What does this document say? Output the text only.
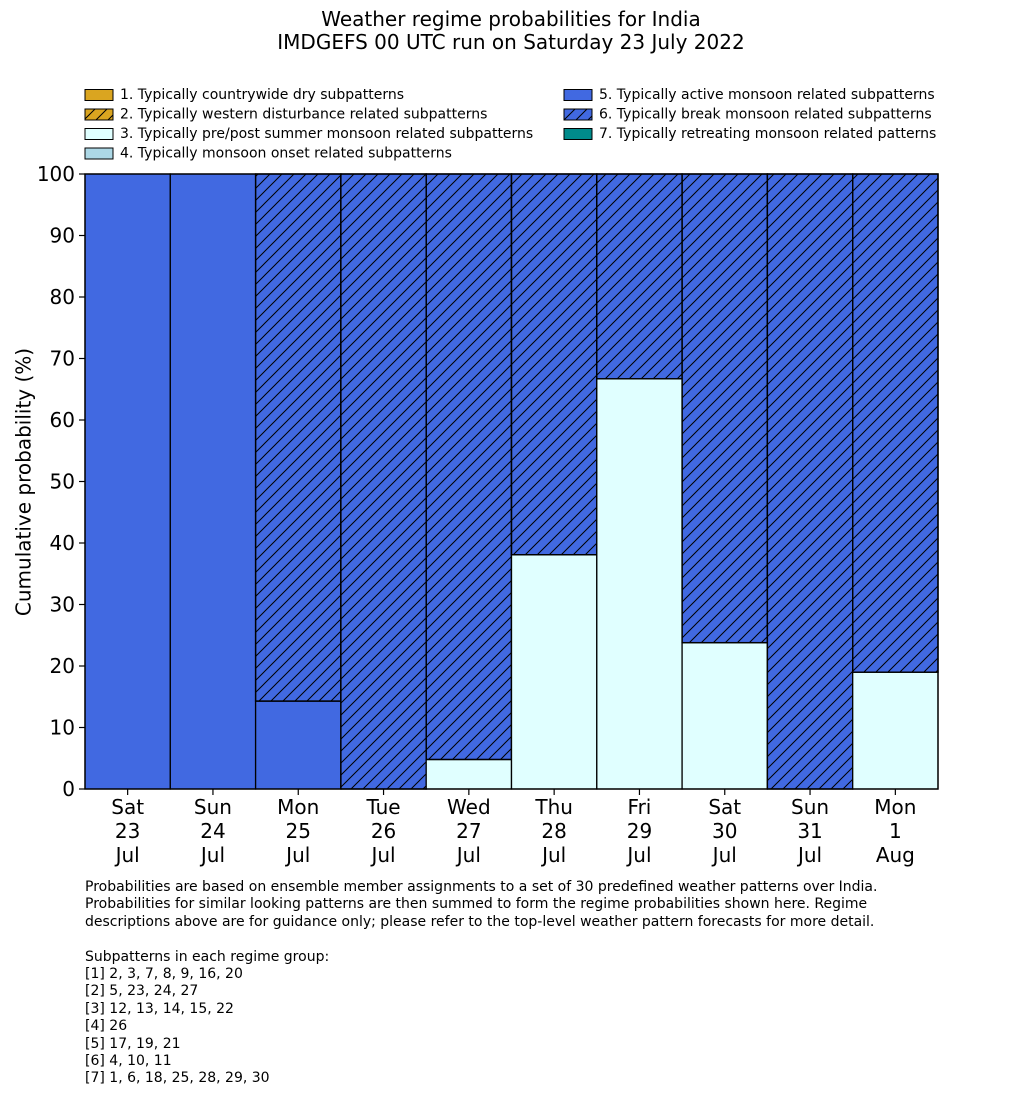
Weather regime probabilities for India
IMDGEFS 00 UTC run on Saturday 23 July 2022
1. Typically countrywide dry subpatterns
2. Typically western disturbance related subpatterns
3. Typically pre/post summer monsoon related subpatterns
4. Typically monsoon onset related subpatterns
5. Typically active monsoon related subpatterns
6. Typically break monsoon related subpatterns
7. Typically retreating monsoon related patterns
0
10
20
30
40
50
60
70
80
90
100
Sat
23
Jul
Sun
24
Jul
Mon
25
Jul
Tue
26
Jul
Wed
27
Jul
Thu
28
Jul
Fri
29
Jul
Sat
30
Jul
Sun
31
Jul
Mon
1
Aug
Cumulative probability (%)

Probabilities are based on ensemble member assignments to a set of 30 predefined weather patterns over India.

Probabilities for similar looking patterns are then summed to form the regime probabilities shown here. Regime

descriptions above are for guidance only; please refer to the top-level weather pattern forecasts for more detail.

Subpatterns in each regime group:

[1] 2, 3, 7, 8, 9, 16, 20

[2] 5, 23, 24, 27

[3] 12, 13, 14, 15, 22

[4] 26

[5] 17, 19, 21

[6] 4, 10, 11

[7] 1, 6, 18, 25, 28, 29, 30
